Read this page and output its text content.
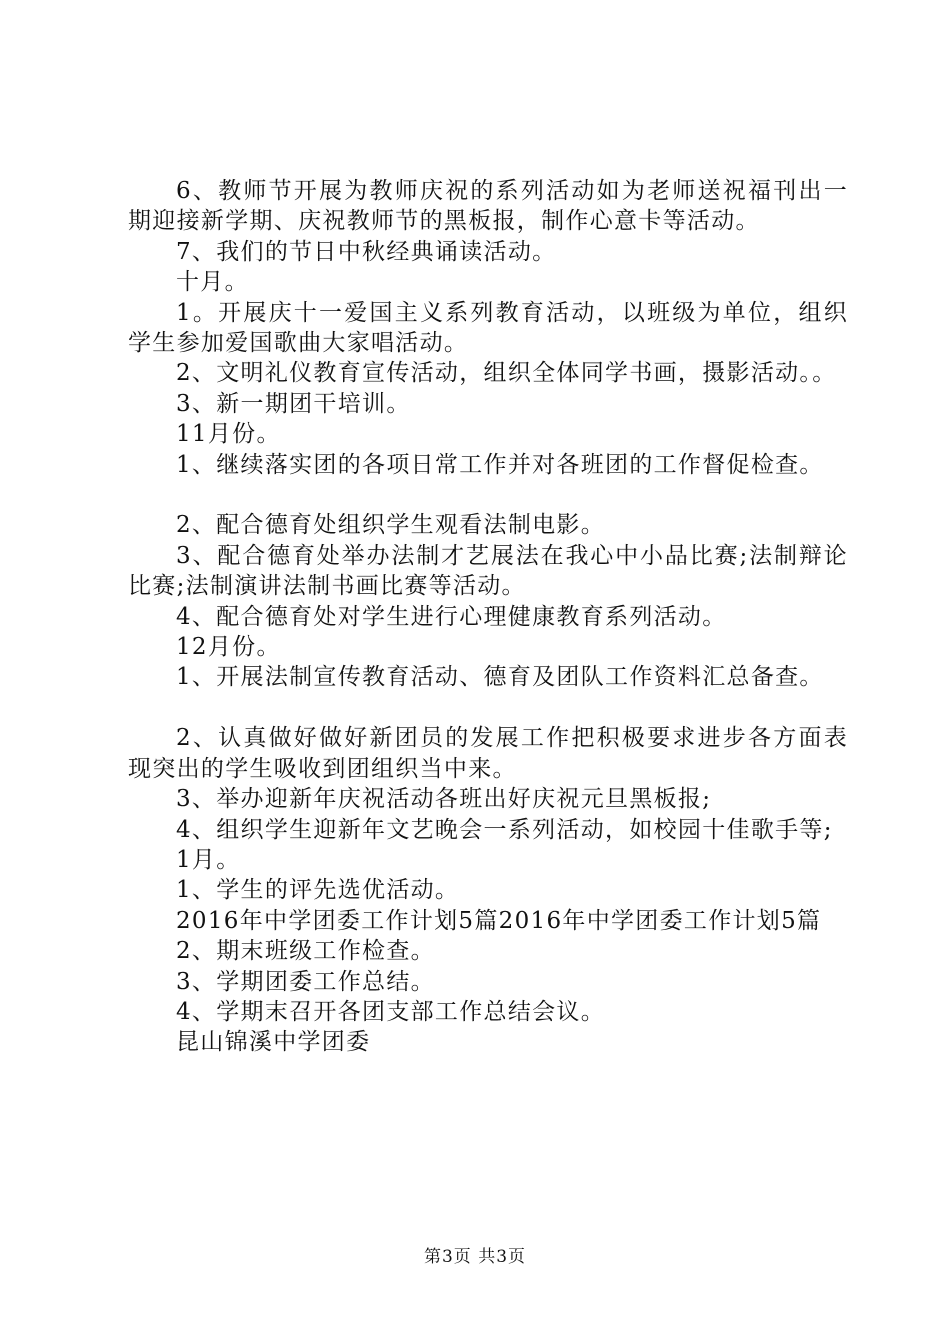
6、教师节开展为教师庆祝的系列活动如为老师送祝福刊出一期迎接新学期、庆祝教师节的黑板报，制作心意卡等活动。

7、我们的节日中秋经典诵读活动。

十月。

1。开展庆十一爱国主义系列教育活动，以班级为单位，组织学生参加爱国歌曲大家唱活动。

2、文明礼仪教育宣传活动，组织全体同学书画，摄影活动。。

3、新一期团干培训。

11月份。

1、继续落实团的各项日常工作并对各班团的工作督促检查。

2、配合德育处组织学生观看法制电影。

3、配合德育处举办法制才艺展法在我心中小品比赛;法制辩论比赛;法制演讲法制书画比赛等活动。

4、配合德育处对学生进行心理健康教育系列活动。

12月份。

1、开展法制宣传教育活动、德育及团队工作资料汇总备查。

2、认真做好做好新团员的发展工作把积极要求进步各方面表现突出的学生吸收到团组织当中来。

3、举办迎新年庆祝活动各班出好庆祝元旦黑板报;

4、组织学生迎新年文艺晚会一系列活动，如校园十佳歌手等;

1月。

1、学生的评先选优活动。

2016年中学团委工作计划5篇2016年中学团委工作计划5篇

2、期末班级工作检查。

3、学期团委工作总结。

4、学期末召开各团支部工作总结会议。

昆山锦溪中学团委

第3页 共3页
